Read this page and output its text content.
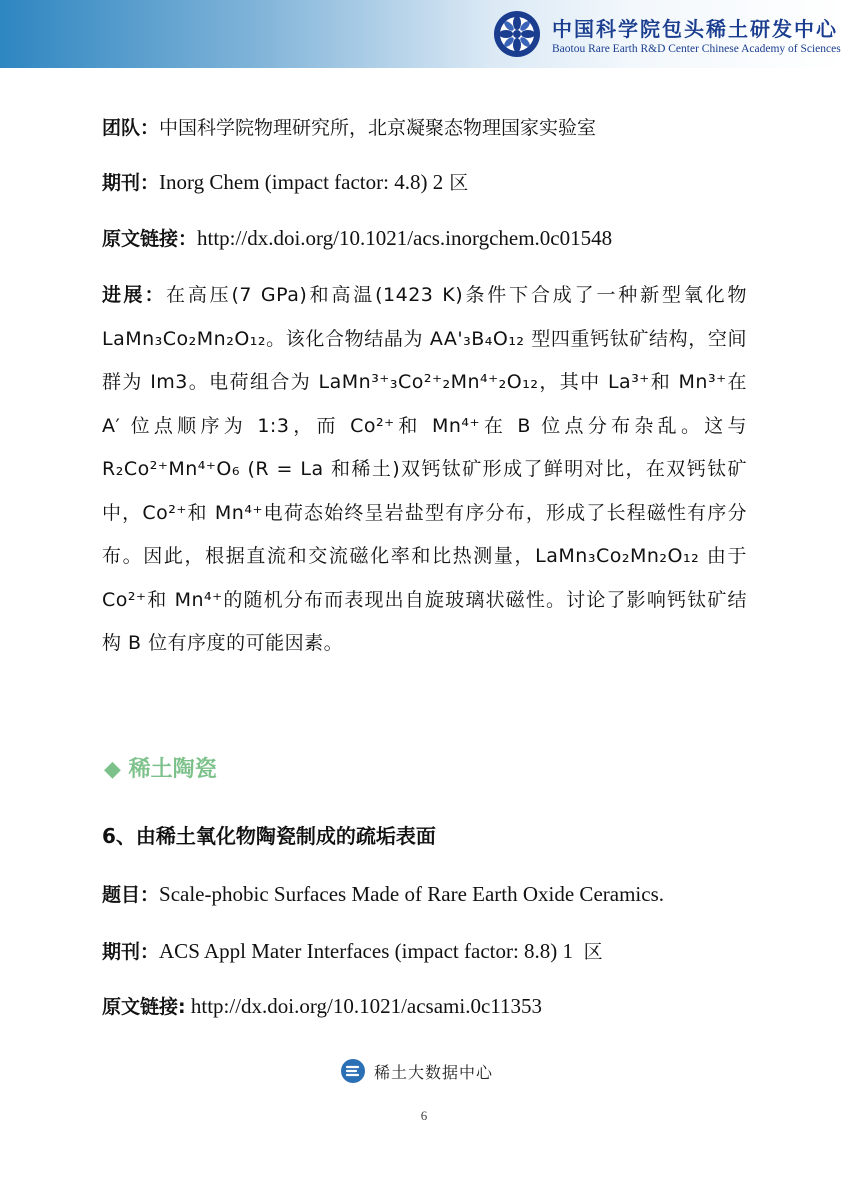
中国科学院包头稀土研发中心
Baotou Rare Earth R&D Center Chinese Academy of Sciences
团队：中国科学院物理研究所，北京凝聚态物理国家实验室
期刊：Inorg Chem (impact factor: 4.8) 2 区
原文链接：http://dx.doi.org/10.1021/acs.inorgchem.0c01548
进展：在高压(7 GPa)和高温(1423 K)条件下合成了一种新型氧化物 LaMn₃Co₂Mn₂O₁₂。该化合物结晶为 AA'₃B₄O₁₂ 型四重钙钛矿结构，空间群为 Im3。电荷组合为 LaMn³⁺₃Co²⁺₂Mn⁴⁺₂O₁₂，其中 La³⁺和 Mn³⁺在 A′ 位点顺序为 1:3，而 Co²⁺和 Mn⁴⁺在 B 位点分布杂乱。这与 R₂Co²⁺Mn⁴⁺O₆ (R = La 和稀土)双钙钛矿形成了鲜明对比，在双钙钛矿中，Co²⁺和 Mn⁴⁺电荷态始终呈岩盐型有序分布，形成了长程磁性有序分布。因此，根据直流和交流磁化率和比热测量，LaMn₃Co₂Mn₂O₁₂ 由于 Co²⁺和 Mn⁴⁺的随机分布而表现出自旋玻璃状磁性。讨论了影响钙钛矿结构 B 位有序度的可能因素。
◆ 稀土陶瓷
6、由稀土氧化物陶瓷制成的疏垢表面
题目：Scale-phobic Surfaces Made of Rare Earth Oxide Ceramics.
期刊：ACS Appl Mater Interfaces (impact factor: 8.8) 1 区
原文链接: http://dx.doi.org/10.1021/acsami.0c11353
稀土大数据中心
6
